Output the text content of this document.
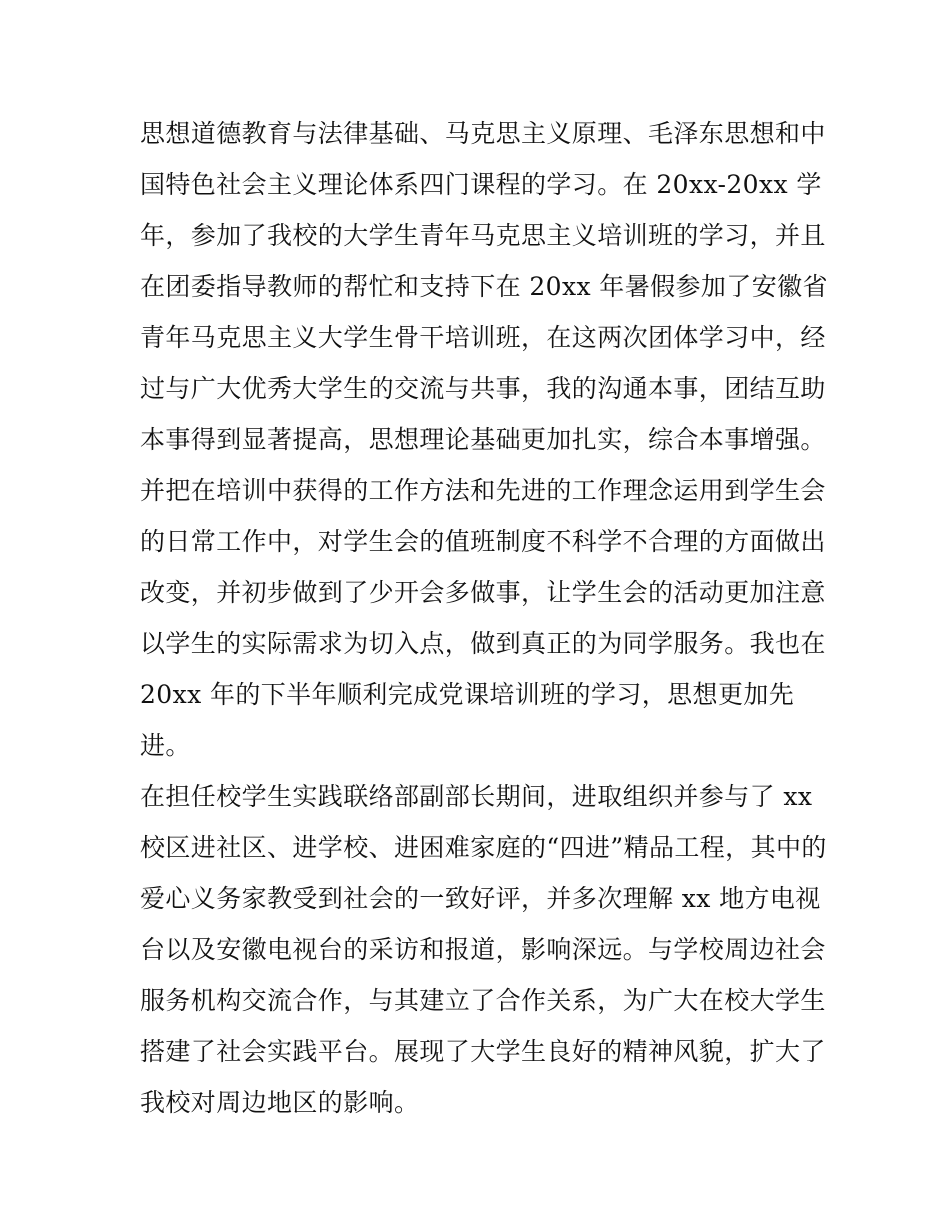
思想道德教育与法律基础、马克思主义原理、毛泽东思想和中
国特色社会主义理论体系四门课程的学习。在 20xx-20xx 学
年，参加了我校的大学生青年马克思主义培训班的学习，并且
在团委指导教师的帮忙和支持下在 20xx 年暑假参加了安徽省
青年马克思主义大学生骨干培训班，在这两次团体学习中，经
过与广大优秀大学生的交流与共事，我的沟通本事，团结互助
本事得到显著提高，思想理论基础更加扎实，综合本事增强。
并把在培训中获得的工作方法和先进的工作理念运用到学生会
的日常工作中，对学生会的值班制度不科学不合理的方面做出
改变，并初步做到了少开会多做事，让学生会的活动更加注意
以学生的实际需求为切入点，做到真正的为同学服务。我也在
20xx 年的下半年顺利完成党课培训班的学习，思想更加先
进。
在担任校学生实践联络部副部长期间，进取组织并参与了 xx
校区进社区、进学校、进困难家庭的“四进”精品工程，其中的
爱心义务家教受到社会的一致好评，并多次理解 xx 地方电视
台以及安徽电视台的采访和报道，影响深远。与学校周边社会
服务机构交流合作，与其建立了合作关系，为广大在校大学生
搭建了社会实践平台。展现了大学生良好的精神风貌，扩大了
我校对周边地区的影响。
